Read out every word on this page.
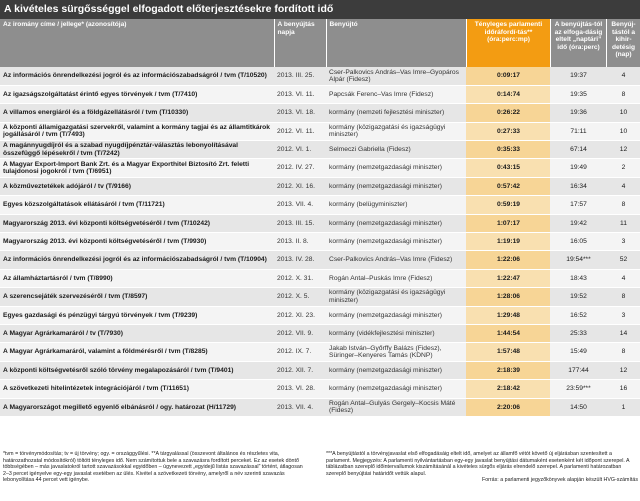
A kivételes sürgősséggel elfogadott előterjesztésekre fordított idő
Az iromány címe / jellege* (azonosítója)	A benyújtás napja	Benyújtó	Tényleges parlamenti időráfordí-tás** (óra:perc:mp)	A benyújtás-tól az elfoga-dásig eltelt „naptári” idő (óra:perc)	Benyúj-tástól a kihir-detésig (nap)
Az információs önrendelkezési jogról és az információszabadságról / tvm (T/10520)	2013. III. 25.	Cser-Palkovics András–Vas Imre–Gyopáros Alpár (Fidesz)	0:09:17	19:37	4
Az igazságszolgáltatást érintő egyes törvények / tvm (T/7410)	2013. VI. 11.	Papcsák Ferenc–Vas Imre (Fidesz)	0:14:74	19:35	8
A villamos energiáról és a földgázellátásról / tvm (T/10330)	2013. VI. 18.	kormány (nemzeti fejlesztési miniszter)	0:26:22	19:36	10
A központi államigazgatási szervekről, valamint a kormány tagjai és az államtitkárok jogállásáról / tvm (T/7493)	2012. VI. 11.	kormány (közigazgatási és igazságügyi miniszter)	0:27:33	71:11	10
A magánnyugdíjról és a szabad nyugdíjpénztár-választás lebonyolításával összefüggő lépésekről / tvm (T/7242)	2012. VI. 1.	Selmeczi Gabriella (Fidesz)	0:35:33	67:14	12
A Magyar Export-Import Bank Zrt. és a Magyar Exporthitel Biztosító Zrt. feletti tulajdonosi jogokról / tvm (T/6951)	2012. IV. 27.	kormány (nemzetgazdasági miniszter)	0:43:15	19:49	2
A közműveztetékek adójáról / tv (T/9166)	2012. XI. 16.	kormány (nemzetgazdasági miniszter)	0:57:42	16:34	4
Egyes közszolgáltatások ellátásáról / tvm (T/11721)	2013. VII. 4.	kormány (belügyminiszter)	0:59:19	17:57	8
Magyarország 2013. évi központi költségvetéséről / tvm (T/10242)	2013. III. 15.	kormány (nemzetgazdasági miniszter)	1:07:17	19:42	11
Magyarország 2013. évi központi költségvetéséről / tvm (T/9930)	2013. II. 8.	kormány (nemzetgazdasági miniszter)	1:19:19	16:05	3
Az információs önrendelkezési jogról és az információszabadságról / tvm (T/10904)	2013. IV. 28.	Cser-Palkovics András–Vas Imre (Fidesz)	1:22:06	19:54***	52
Az államháztartásról / tvm (T/8990)	2012. X. 31.	Rogán Antal–Puskás Imre (Fidesz)	1:22:47	18:43	4
A szerencsejáték szervezéséről / tvm (T/8597)	2012. X. 5.	kormány (közigazgatási és igazságügyi miniszter)	1:28:06	19:52	8
Egyes gazdasági és pénzügyi tárgyú törvények / tvm (T/9239)	2012. XI. 23.	kormány (nemzetgazdasági miniszter)	1:29:48	16:52	3
A Magyar Agrárkamaráról / tv (T/7930)	2012. VII. 9.	kormány (vidékfejlesztési miniszter)	1:44:54	25:33	14
A Magyar Agrárkamaráról, valamint a földmérésről / tvm (T/8285)	2012. IX. 7.	Jakab István–Győrffy Balázs (Fidesz), Süringer–Kenyeres Tamás (KDNP)	1:57:48	15:49	8
A központi költségvetésről szóló törvény megalapozásáról / tvm (T/9401)	2012. XII. 7.	kormány (nemzetgazdasági miniszter)	2:18:39	177:44	12
A szövetkezeti hitelintézetek integrációjáról / tvm (T/11651)	2013. VI. 28.	kormány (nemzetgazdasági miniszter)	2:18:42	23:59***	16
A Magyarországot megillető egyenlő elbánásról / ogy. határozat (H/11729)	2013. VII. 4.	Rogán Antal–Gulyás Gergely–Kocsis Máté (Fidesz)	2:20:06	14:50	1
*tvm = törvénymódosítás; tv = új törvény; ogy. = országgyűlési. **A tárgyalással (összevont általános és részletes vita, határozathozatal módosítókról) töltött tényleges idő. Nem számítottuk bele a szavazásra fordított perceket. Ez az esetek döntő többségében – más javaslatokról tartott szavazásokkal egyidőben – úgynevezett „egyidejű listás szavazással” történt, átlagosan 2–3 percet igényelve egy-egy javaslat esetében az ülés. Kivétel a szövetkezeti törvény, amelyről a név szerinti szavazás lebonyolítása 44 percet vett igénybe.
***A benyújtástól a törvényjavaslat első elfogadásáig eltelt idő, amelyet az államfő vétót követő új eljárásban szentesített a parlament. Megjegyzés: A parlamenti nyilvántartásban egy-egy javaslat benyújtási dátumaként esetenként két időpont szerepel. A táblázatban szereplő időintervallumok kiszámításánál a kivételes sürgős eljárás elrendelő szerepel. A parlamenti határozatban szereplő benyújtási határidőt vettük alapul.
Forrás: a parlamenti jegyzőkönyvek alapján készült HVG-számítás
